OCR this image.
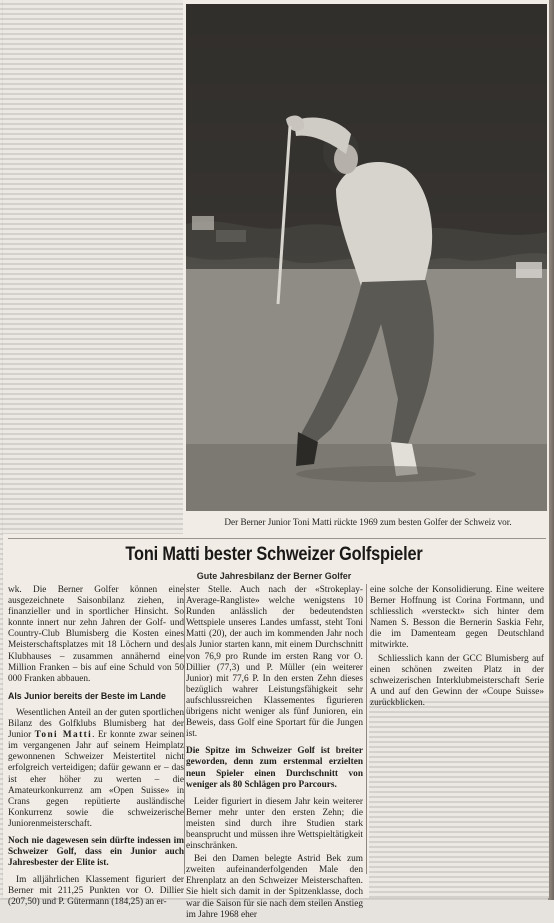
Der Berner Junior Toni Matti rückte 1969 zum besten Golfer der Schweiz vor.
Toni Matti bester Schweizer Golfspieler
Gute Jahresbilanz der Berner Golfer

wk. Die Berner Golfer können eine ausgezeichnete Saisonbilanz ziehen, in finanzieller und in sportlicher Hinsicht. So konnte innert nur zehn Jahren der Golf- und Country-Club Blumisberg die Kosten eines Meisterschaftsplatzes mit 18 Löchern und des Klubhauses – zusammen annähernd eine Million Franken – bis auf eine Schuld von 50 000 Franken abbauen.

Als Junior bereits der Beste im Lande

Wesentlichen Anteil an der guten sportlichen Bilanz des Golfklubs Blumisberg hat der Junior Toni Matti. Er konnte zwar seinen im vergangenen Jahr auf seinem Heimplatz gewonnenen Schweizer Meistertitel nicht erfolgreich verteidigen; dafür gewann er – das ist eher höher zu werten – die Amateurkonkurrenz am «Open Suisse» in Crans gegen repütierte ausländische Konkurrenz sowie die schweizerische Juniorenmeisterschaft.

Noch nie dagewesen sein dürfte indessen im Schweizer Golf, dass ein Junior auch Jahresbester der Elite ist.

Im alljährlichen Klassement figuriert der Berner mit 211,25 Punkten vor O. Dillier (207,50) und P. Gütermann (184,25) an er-

ster Stelle. Auch nach der «Strokeplay-Average-Rangliste» welche wenigstens 10 Runden anlässlich der bedeutendsten Wettspiele unseres Landes umfasst, steht Toni Matti (20), der auch im kommenden Jahr noch als Junior starten kann, mit einem Durchschnitt von 76,9 pro Runde im ersten Rang vor O. Dillier (77,3) und P. Müller (ein weiterer Junior) mit 77,6 P. In den ersten Zehn dieses bezüglich wahrer Leistungsfähigkeit sehr aufschlussreichen Klassementes figurieren übrigens nicht weniger als fünf Junioren, ein Beweis, dass Golf eine Sportart für die Jungen ist.

Die Spitze im Schweizer Golf ist breiter geworden, denn zum erstenmal erzielten neun Spieler einen Durchschnitt von weniger als 80 Schlägen pro Parcours.

Leider figuriert in diesem Jahr kein weiterer Berner mehr unter den ersten Zehn; die meisten sind durch ihre Studien stark beansprucht und müssen ihre Wettspieltätigkeit einschränken.

Bei den Damen belegte Astrid Bek zum zweiten aufeinanderfolgenden Male den Ehrenplatz an den Schweizer Meisterschaften. Sie hielt sich damit in der Spitzenklasse, doch war die Saison für sie nach dem steilen Anstieg im Jahre 1968 eher

eine solche der Konsolidierung. Eine weitere Berner Hoffnung ist Corina Fortmann, und schliesslich «versteckt» sich hinter dem Namen S. Besson die Bernerin Saskia Fehr, die im Damenteam gegen Deutschland mitwirkte.

Schliesslich kann der GCC Blumisberg auf einen schönen zweiten Platz in der schweizerischen Interklubmeisterschaft Serie A und auf den Gewinn der «Coupe Suisse» zurückblicken.
